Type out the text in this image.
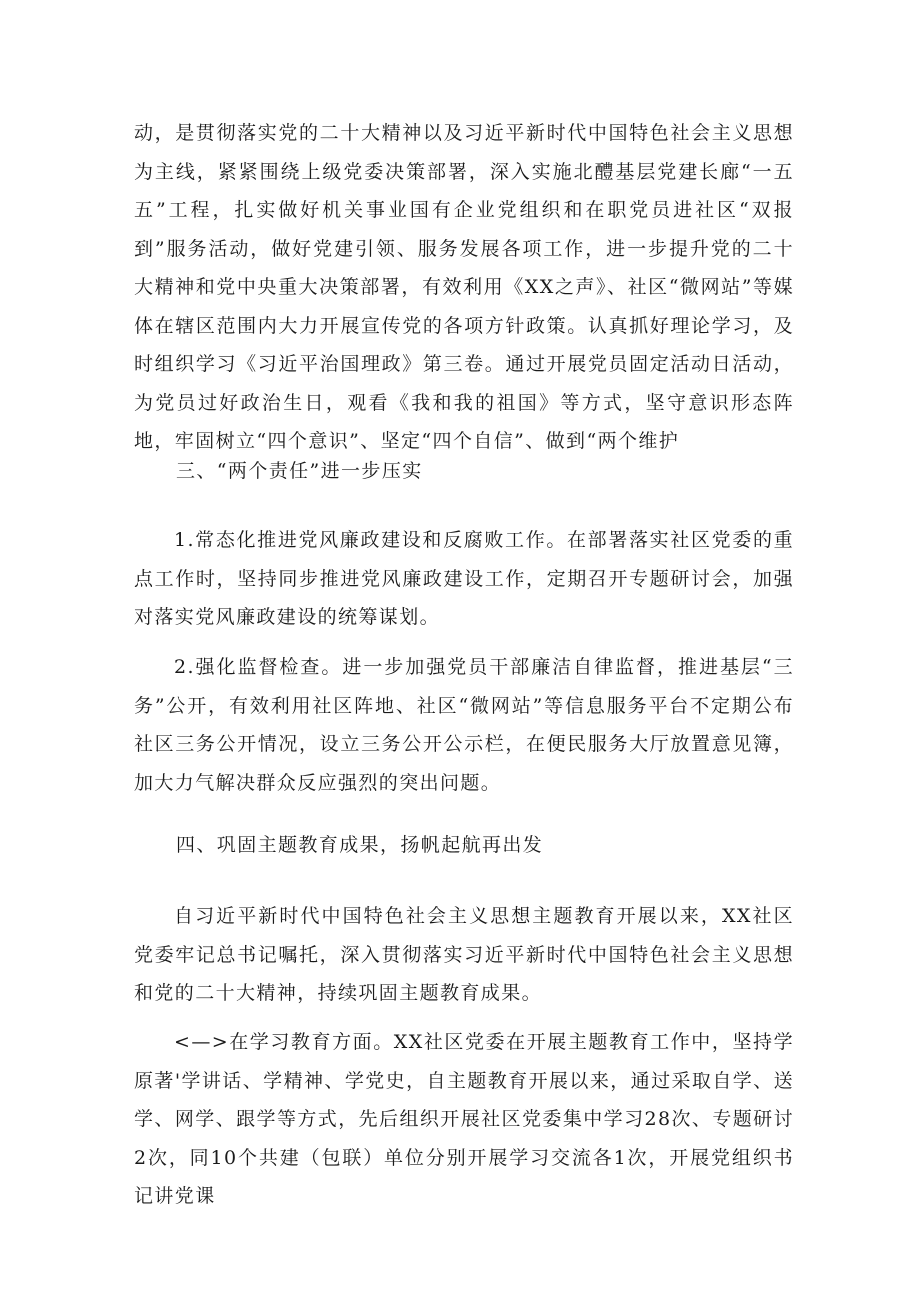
动，是贯彻落实党的二十大精神以及习近平新时代中国特色社会主义思想为主线，紧紧围绕上级党委决策部署，深入实施北醴基层党建长廊“一五五”工程，扎实做好机关事业国有企业党组织和在职党员进社区“双报到”服务活动，做好党建引领、服务发展各项工作，进一步提升党的二十大精神和党中央重大决策部署，有效利用《XX之声》、社区“微网站”等媒体在辖区范围内大力开展宣传党的各项方针政策。认真抓好理论学习，及时组织学习《习近平治国理政》第三卷。通过开展党员固定活动日活动，为党员过好政治生日，观看《我和我的祖国》等方式，坚守意识形态阵地，牢固树立“四个意识”、坚定“四个自信”、做到“两个维护

三、“两个责任”进一步压实

1.常态化推进党风廉政建设和反腐败工作。在部署落实社区党委的重点工作时，坚持同步推进党风廉政建设工作，定期召开专题研讨会，加强对落实党风廉政建设的统筹谋划。

2.强化监督检查。进一步加强党员干部廉洁自律监督，推进基层“三务”公开，有效利用社区阵地、社区“微网站”等信息服务平台不定期公布社区三务公开情况，设立三务公开公示栏，在便民服务大厅放置意见簿，加大力气解决群众反应强烈的突出问题。

四、巩固主题教育成果，扬帆起航再出发

自习近平新时代中国特色社会主义思想主题教育开展以来，XX社区党委牢记总书记嘱托，深入贯彻落实习近平新时代中国特色社会主义思想和党的二十大精神，持续巩固主题教育成果。

<—>在学习教育方面。XX社区党委在开展主题教育工作中，坚持学原著'学讲话、学精神、学党史，自主题教育开展以来，通过采取自学、送学、网学、跟学等方式，先后组织开展社区党委集中学习28次、专题研讨2次，同10个共建（包联）单位分别开展学习交流各1次，开展党组织书记讲党课
